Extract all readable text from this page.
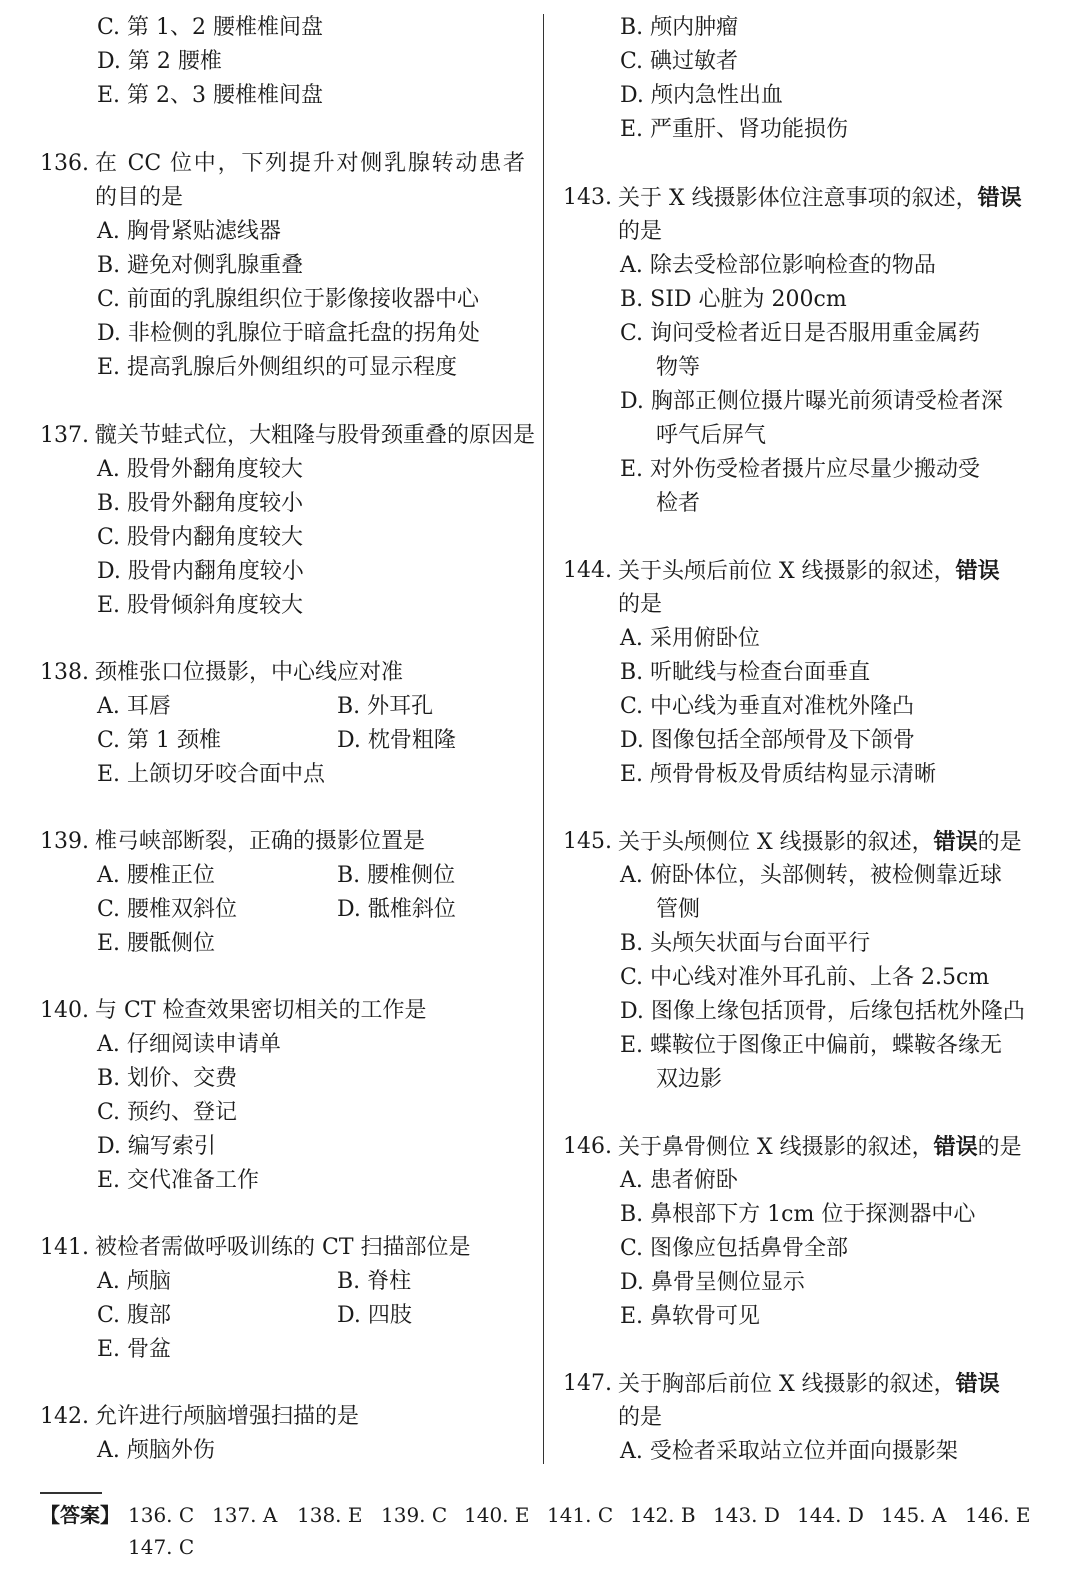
C. 第 1、2 腰椎椎间盘
D. 第 2 腰椎
E. 第 2、3 腰椎椎间盘
136. 在 CC 位中，下列提升对侧乳腺转动患者
的目的是
A. 胸骨紧贴滤线器
B. 避免对侧乳腺重叠
C. 前面的乳腺组织位于影像接收器中心
D. 非检侧的乳腺位于暗盒托盘的拐角处
E. 提高乳腺后外侧组织的可显示程度
137. 髋关节蛙式位，大粗隆与股骨颈重叠的原因是
A. 股骨外翻角度较大
B. 股骨外翻角度较小
C. 股骨内翻角度较大
D. 股骨内翻角度较小
E. 股骨倾斜角度较大
138. 颈椎张口位摄影，中心线应对准
A. 耳唇	B. 外耳孔
C. 第 1 颈椎	D. 枕骨粗隆
E. 上颌切牙咬合面中点
139. 椎弓峡部断裂，正确的摄影位置是
A. 腰椎正位	B. 腰椎侧位
C. 腰椎双斜位	D. 骶椎斜位
E. 腰骶侧位
140. 与 CT 检查效果密切相关的工作是
A. 仔细阅读申请单
B. 划价、交费
C. 预约、登记
D. 编写索引
E. 交代准备工作
141. 被检者需做呼吸训练的 CT 扫描部位是
A. 颅脑	B. 脊柱
C. 腹部	D. 四肢
E. 骨盆
142. 允许进行颅脑增强扫描的是
A. 颅脑外伤
B. 颅内肿瘤
C. 碘过敏者
D. 颅内急性出血
E. 严重肝、肾功能损伤
143. 关于 X 线摄影体位注意事项的叙述，错误
的是
A. 除去受检部位影响检查的物品
B. SID 心脏为 200cm
C. 询问受检者近日是否服用重金属药
物等
D. 胸部正侧位摄片曝光前须请受检者深
呼气后屏气
E. 对外伤受检者摄片应尽量少搬动受
检者
144. 关于头颅后前位 X 线摄影的叙述，错误
的是
A. 采用俯卧位
B. 听眦线与检查台面垂直
C. 中心线为垂直对准枕外隆凸
D. 图像包括全部颅骨及下颌骨
E. 颅骨骨板及骨质结构显示清晰
145. 关于头颅侧位 X 线摄影的叙述，错误的是
A. 俯卧体位，头部侧转，被检侧靠近球
管侧
B. 头颅矢状面与台面平行
C. 中心线对准外耳孔前、上各 2.5cm
D. 图像上缘包括顶骨，后缘包括枕外隆凸
E. 蝶鞍位于图像正中偏前，蝶鞍各缘无
双边影
146. 关于鼻骨侧位 X 线摄影的叙述，错误的是
A. 患者俯卧
B. 鼻根部下方 1cm 位于探测器中心
C. 图像应包括鼻骨全部
D. 鼻骨呈侧位显示
E. 鼻软骨可见
147. 关于胸部后前位 X 线摄影的叙述，错误
的是
A. 受检者采取站立位并面向摄影架
【答案】 136. C 137. A 138. E 139. C 140. E 141. C 142. B 143. D 144. D 145. A 146. E
147. C
